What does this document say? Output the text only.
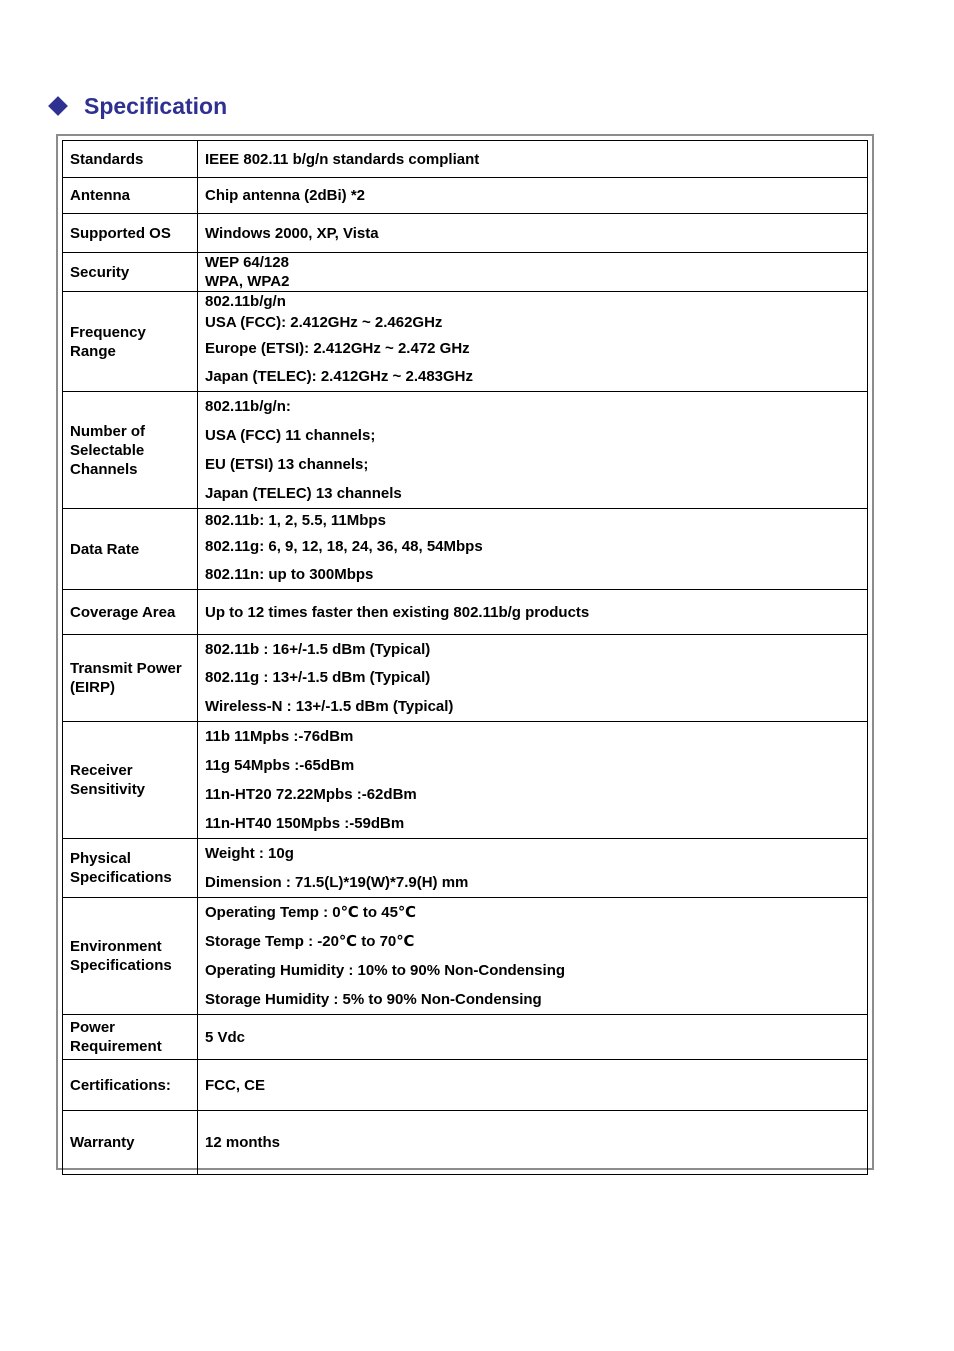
Specification
Standards	IEEE 802.11 b/g/n standards compliant

Antenna	Chip antenna (2dBi) *2

Supported OS	Windows 2000, XP, Vista

Security	WEP 64/128
WPA, WPA2

Frequency
Range	802.11b/g/n
USA (FCC): 2.412GHz ~ 2.462GHz
Europe (ETSI): 2.412GHz ~ 2.472 GHz
Japan (TELEC): 2.412GHz ~ 2.483GHz

Number of
Selectable
Channels	802.11b/g/n:
USA (FCC) 11 channels;
EU (ETSI) 13 channels;
Japan (TELEC) 13 channels

Data Rate	802.11b: 1, 2, 5.5, 11Mbps
802.11g: 6, 9, 12, 18, 24, 36, 48, 54Mbps
802.11n: up to 300Mbps

Coverage Area	Up to 12 times faster then existing 802.11b/g products

Transmit Power
(EIRP)	802.11b : 16+/-1.5 dBm (Typical)
802.11g : 13+/-1.5 dBm (Typical)
Wireless-N : 13+/-1.5 dBm (Typical)

Receiver
Sensitivity	11b 11Mpbs :-76dBm
11g 54Mpbs :-65dBm
11n-HT20 72.22Mpbs :-62dBm
11n-HT40 150Mpbs :-59dBm

Physical
Specifications	Weight : 10g
Dimension : 71.5(L)*19(W)*7.9(H) mm

Environment
Specifications	Operating Temp : 0℃ to 45℃
Storage Temp : -20℃ to 70℃
Operating Humidity : 10% to 90% Non-Condensing
Storage Humidity : 5% to 90% Non-Condensing

Power
Requirement	5 Vdc

Certifications:	FCC, CE

Warranty	12 months
